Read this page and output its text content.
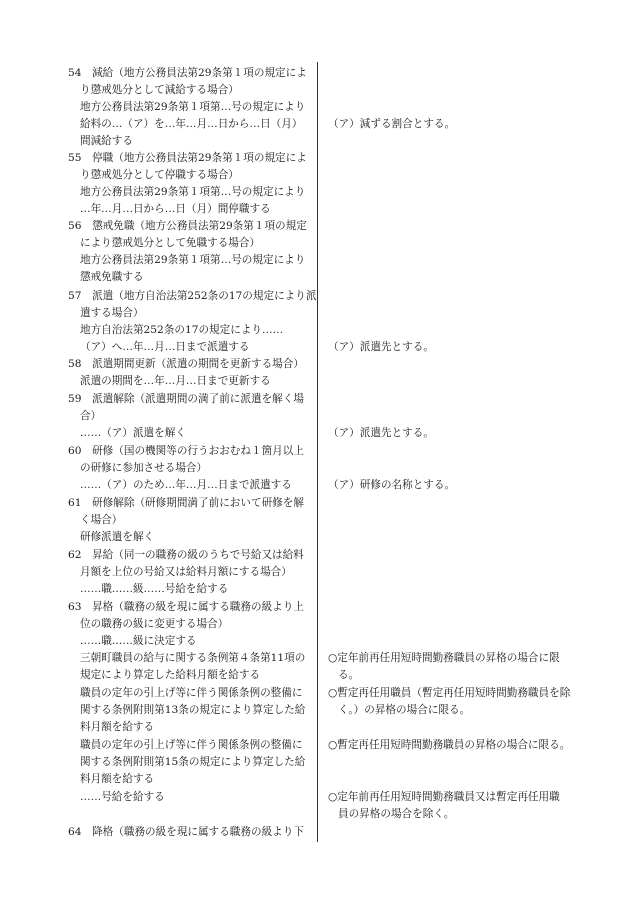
54　減給（地方公務員法第29条第１項の規定によ
り懲戒処分として減給する場合）
地方公務員法第29条第１項第…号の規定により
給料の…（ア）を…年…月…日から…日（月）
間減給する
55　停職（地方公務員法第29条第１項の規定によ
り懲戒処分として停職する場合）
地方公務員法第29条第１項第…号の規定により
…年…月…日から…日（月）間停職する
56　懲戒免職（地方公務員法第29条第１項の規定
により懲戒処分として免職する場合）
地方公務員法第29条第１項第…号の規定により
懲戒免職する
57　派遣（地方自治法第252条の17の規定により派
遣する場合）
地方自治法第252条の17の規定により……
（ア）へ…年…月…日まで派遣する
58　派遣期間更新（派遣の期間を更新する場合）
派遣の期間を…年…月…日まで更新する
59　派遣解除（派遣期間の満了前に派遣を解く場
合）
……（ア）派遣を解く
60　研修（国の機関等の行うおおむね１箇月以上
の研修に参加させる場合）
……（ア）のため…年…月…日まで派遣する
61　研修解除（研修期間満了前において研修を解
く場合）
研修派遣を解く
62　昇給（同一の職務の級のうちで号給又は給料
月額を上位の号給又は給料月額にする場合）
……職……級……号給を給する
63　昇格（職務の級を現に属する職務の級より上
位の職務の級に変更する場合）
……職……級に決定する
三朝町職員の給与に関する条例第４条第11項の
規定により算定した給料月額を給する
職員の定年の引上げ等に伴う関係条例の整備に
関する条例附則第13条の規定により算定した給
料月額を給する
職員の定年の引上げ等に伴う関係条例の整備に
関する条例附則第15条の規定により算定した給
料月額を給する
……号給を給する
64　降格（職務の級を現に属する職務の級より下
（ア）減ずる割合とする。
（ア）派遣先とする。
（ア）派遣先とする。
（ア）研修の名称とする。
○定年前再任用短時間勤務職員の昇格の場合に限
る。
○暫定再任用職員（暫定再任用短時間勤務職員を除
く。）の昇格の場合に限る。
○暫定再任用短時間勤務職員の昇格の場合に限る。
○定年前再任用短時間勤務職員又は暫定再任用職
員の昇格の場合を除く。
